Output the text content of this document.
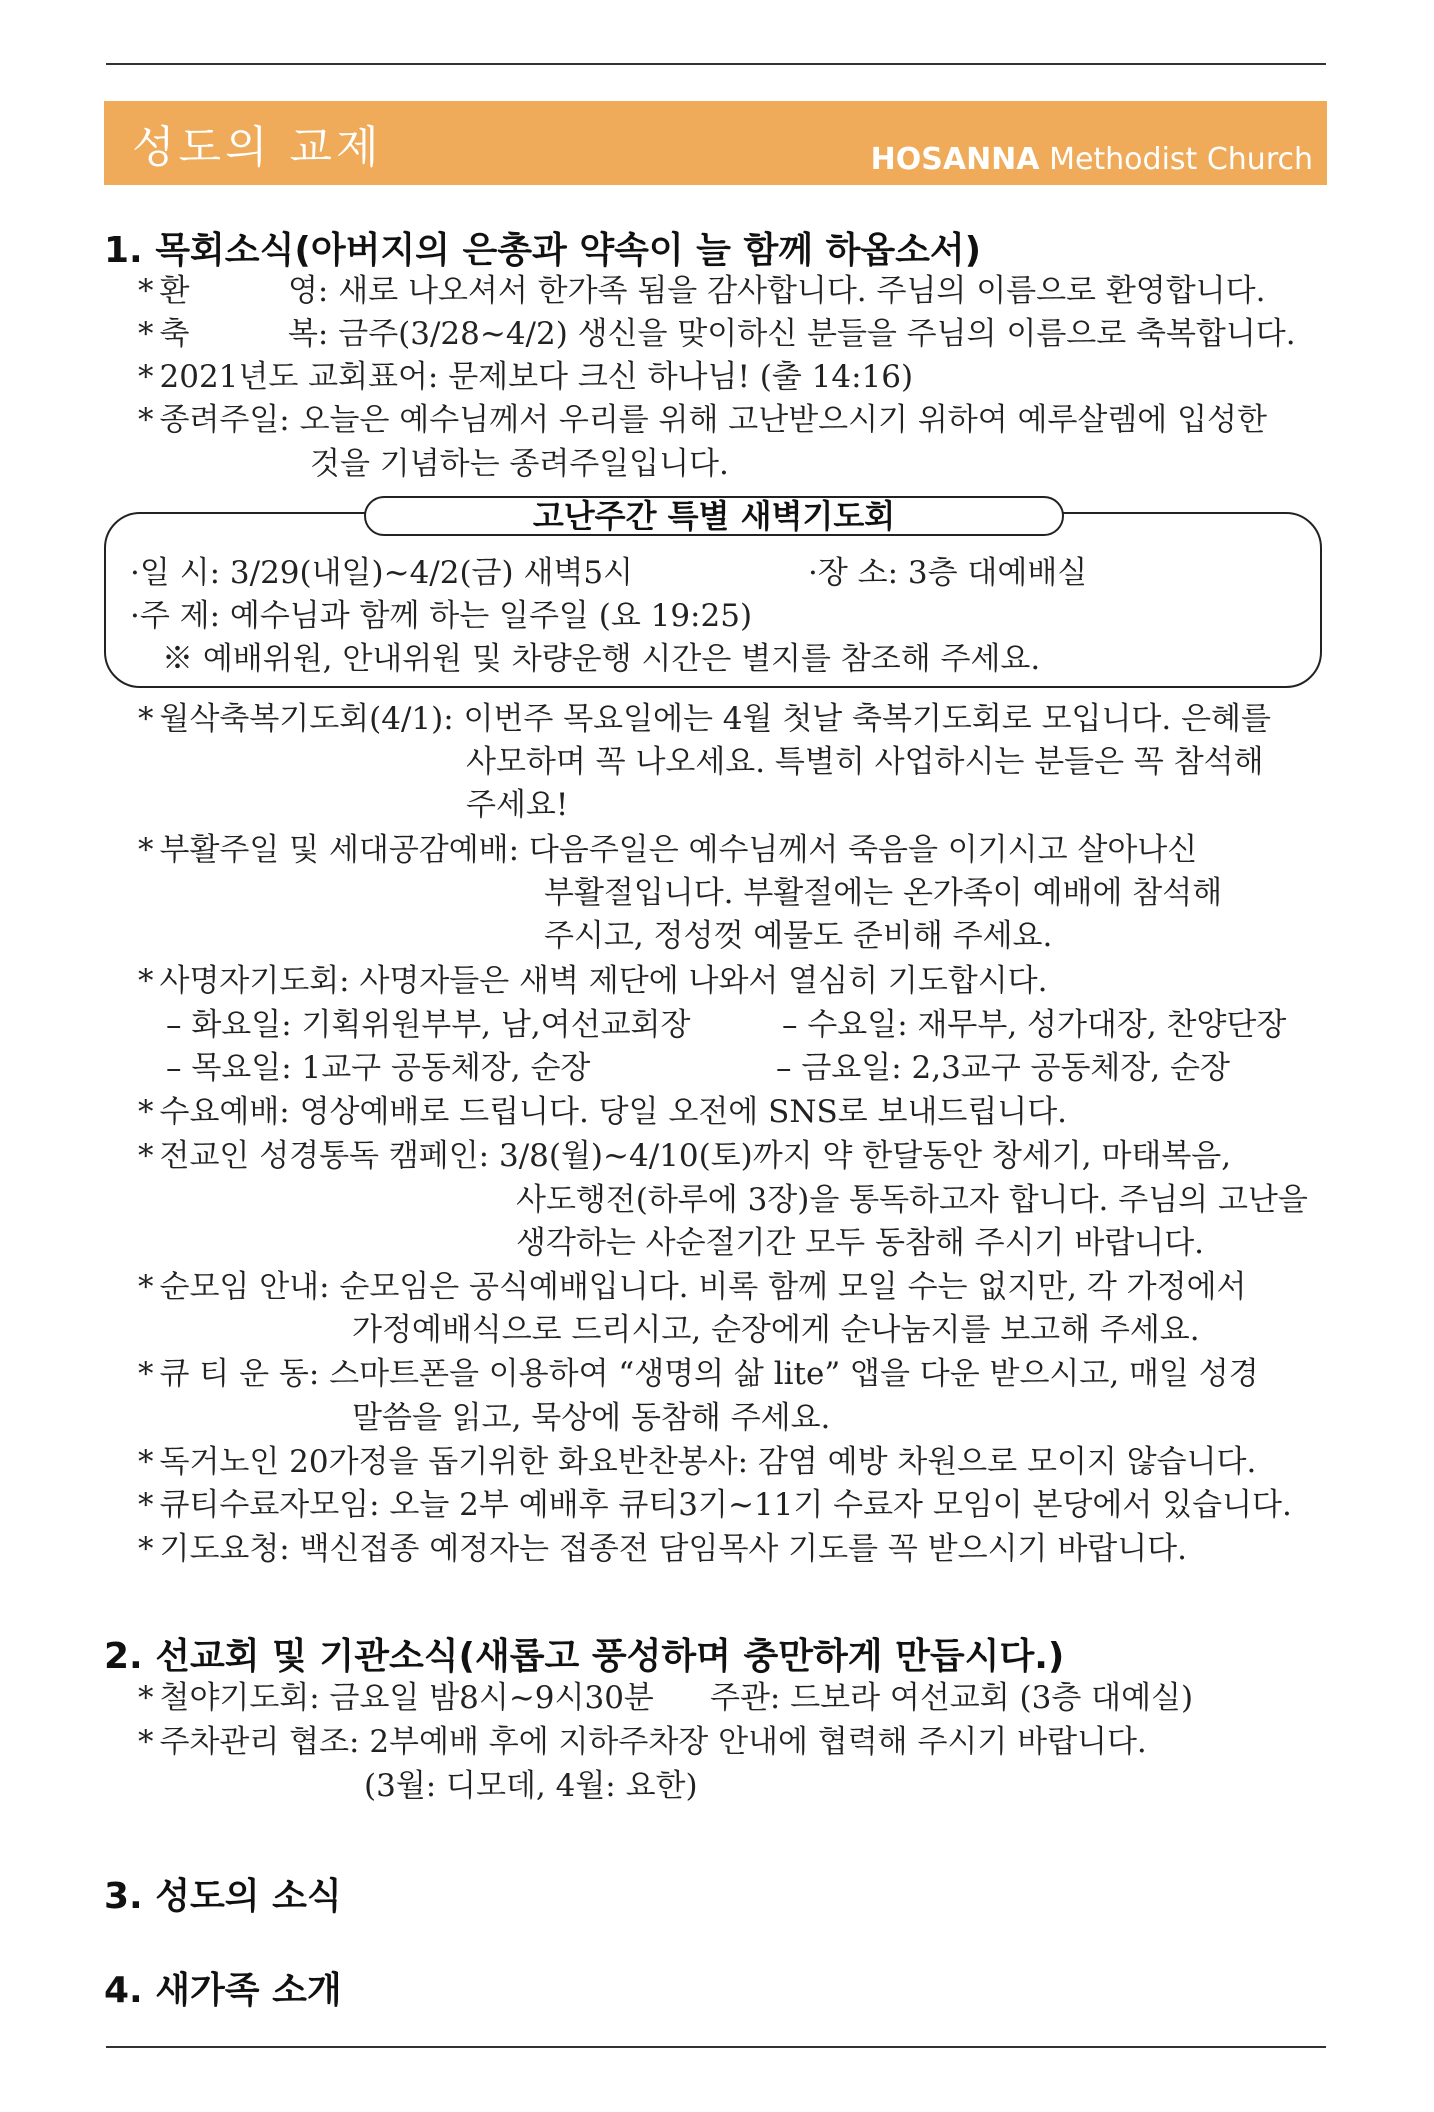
성도의 교제	HOSANNA Methodist Church
1. 목회소식(아버지의 은총과 약속이 늘 함께 하옵소서)
* 환          영: 새로 나오셔서 한가족 됨을 감사합니다. 주님의 이름으로 환영합니다.
* 축          복: 금주(3/28~4/2) 생신을 맞이하신 분들을 주님의 이름으로 축복합니다.
* 2021년도 교회표어: 문제보다 크신 하나님! (출 14:16)
* 종려주일: 오늘은 예수님께서 우리를 위해 고난받으시기 위하여 예루살렘에 입성한
것을 기념하는 종려주일입니다.
고난주간 특별 새벽기도회
·일 시: 3/29(내일)~4/2(금) 새벽5시	·장 소: 3층 대예배실
·주 제: 예수님과 함께 하는 일주일 (요 19:25)
※ 예배위원, 안내위원 및 차량운행 시간은 별지를 참조해 주세요.
* 월삭축복기도회(4/1): 이번주 목요일에는 4월 첫날 축복기도회로 모입니다. 은혜를
사모하며 꼭 나오세요. 특별히 사업하시는 분들은 꼭 참석해
주세요!
* 부활주일 및 세대공감예배: 다음주일은 예수님께서 죽음을 이기시고 살아나신
부활절입니다. 부활절에는 온가족이 예배에 참석해
주시고, 정성껏 예물도 준비해 주세요.
* 사명자기도회: 사명자들은 새벽 제단에 나와서 열심히 기도합시다.
– 화요일: 기획위원부부, 남,여선교회장	– 수요일: 재무부, 성가대장, 찬양단장
– 목요일: 1교구 공동체장, 순장	– 금요일: 2,3교구 공동체장, 순장
* 수요예배: 영상예배로 드립니다. 당일 오전에 SNS로 보내드립니다.
* 전교인 성경통독 캠페인: 3/8(월)~4/10(토)까지 약 한달동안 창세기, 마태복음,
사도행전(하루에 3장)을 통독하고자 합니다. 주님의 고난을
생각하는 사순절기간 모두 동참해 주시기 바랍니다.
* 순모임 안내: 순모임은 공식예배입니다. 비록 함께 모일 수는 없지만, 각 가정에서
가정예배식으로 드리시고, 순장에게 순나눔지를 보고해 주세요.
* 큐 티 운 동: 스마트폰을 이용하여 “생명의 삶 lite” 앱을 다운 받으시고, 매일 성경
말씀을 읽고, 묵상에 동참해 주세요.
* 독거노인 20가정을 돕기위한 화요반찬봉사: 감염 예방 차원으로 모이지 않습니다.
* 큐티수료자모임: 오늘 2부 예배후 큐티3기~11기 수료자 모임이 본당에서 있습니다.
* 기도요청: 백신접종 예정자는 접종전 담임목사 기도를 꼭 받으시기 바랍니다.
2. 선교회 및 기관소식(새롭고 풍성하며 충만하게 만듭시다.)
* 철야기도회: 금요일 밤8시~9시30분 주관: 드보라 여선교회 (3층 대예실)
* 주차관리 협조: 2부예배 후에 지하주차장 안내에 협력해 주시기 바랍니다.
(3월: 디모데, 4월: 요한)
3. 성도의 소식
4. 새가족 소개
